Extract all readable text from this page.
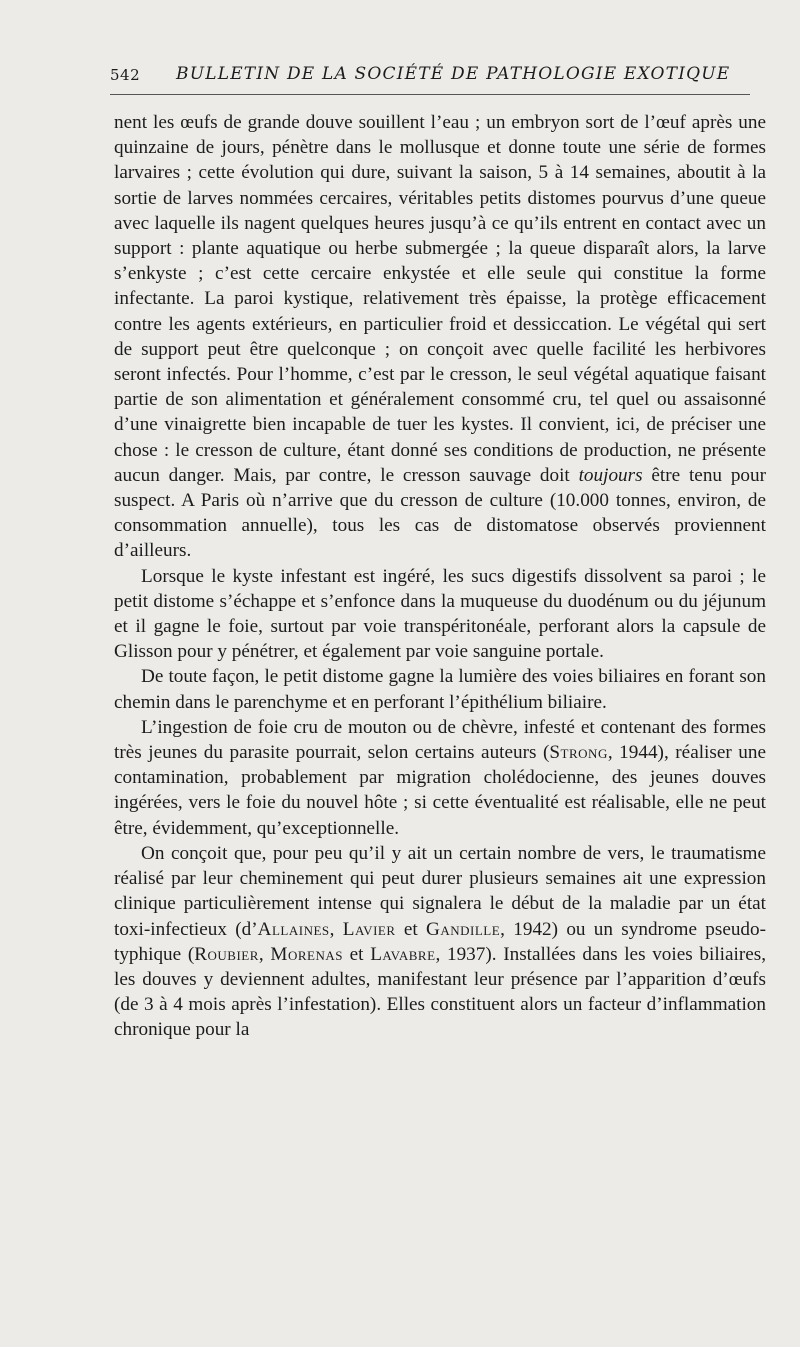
542 BULLETIN DE LA SOCIÉTÉ DE PATHOLOGIE EXOTIQUE

nent les œufs de grande douve souillent l’eau ; un embryon sort de l’œuf après une quinzaine de jours, pénètre dans le mollusque et donne toute une série de formes larvaires ; cette évolution qui dure, suivant la saison, 5 à 14 semaines, aboutit à la sortie de larves nommées cercaires, véritables petits distomes pourvus d’une queue avec laquelle ils nagent quelques heures jusqu’à ce qu’ils entrent en contact avec un support : plante aquatique ou herbe submergée ; la queue disparaît alors, la larve s’enkyste ; c’est cette cercaire enkystée et elle seule qui constitue la forme infectante. La paroi kystique, relativement très épaisse, la protège efficacement contre les agents extérieurs, en particulier froid et dessiccation. Le végétal qui sert de support peut être quelconque ; on conçoit avec quelle facilité les herbivores seront infectés. Pour l’homme, c’est par le cresson, le seul végétal aquatique faisant partie de son alimentation et généralement consommé cru, tel quel ou assaisonné d’une vinaigrette bien incapable de tuer les kystes. Il convient, ici, de préciser une chose : le cresson de culture, étant donné ses conditions de production, ne présente aucun danger. Mais, par contre, le cresson sauvage doit toujours être tenu pour suspect. A Paris où n’arrive que du cresson de culture (10.000 tonnes, environ, de consommation annuelle), tous les cas de distomatose observés proviennent d’ailleurs.

Lorsque le kyste infestant est ingéré, les sucs digestifs dissolvent sa paroi ; le petit distome s’échappe et s’enfonce dans la muqueuse du duodénum ou du jéjunum et il gagne le foie, surtout par voie transpéritonéale, perforant alors la capsule de Glisson pour y pénétrer, et également par voie sanguine portale.

De toute façon, le petit distome gagne la lumière des voies biliaires en forant son chemin dans le parenchyme et en perforant l’épithélium biliaire.

L’ingestion de foie cru de mouton ou de chèvre, infesté et contenant des formes très jeunes du parasite pourrait, selon certains auteurs (Strong, 1944), réaliser une contamination, probablement par migration cholédocienne, des jeunes douves ingérées, vers le foie du nouvel hôte ; si cette éventualité est réalisable, elle ne peut être, évidemment, qu’exceptionnelle.

On conçoit que, pour peu qu’il y ait un certain nombre de vers, le traumatisme réalisé par leur cheminement qui peut durer plusieurs semaines ait une expression clinique particulièrement intense qui signalera le début de la maladie par un état toxi-infectieux (d’Allaines, Lavier et Gandille, 1942) ou un syndrome pseudo-typhique (Roubier, Morenas et Lavabre, 1937). Installées dans les voies biliaires, les douves y deviennent adultes, manifestant leur présence par l’apparition d’œufs (de 3 à 4 mois après l’infestation). Elles constituent alors un facteur d’inflammation chronique pour la
